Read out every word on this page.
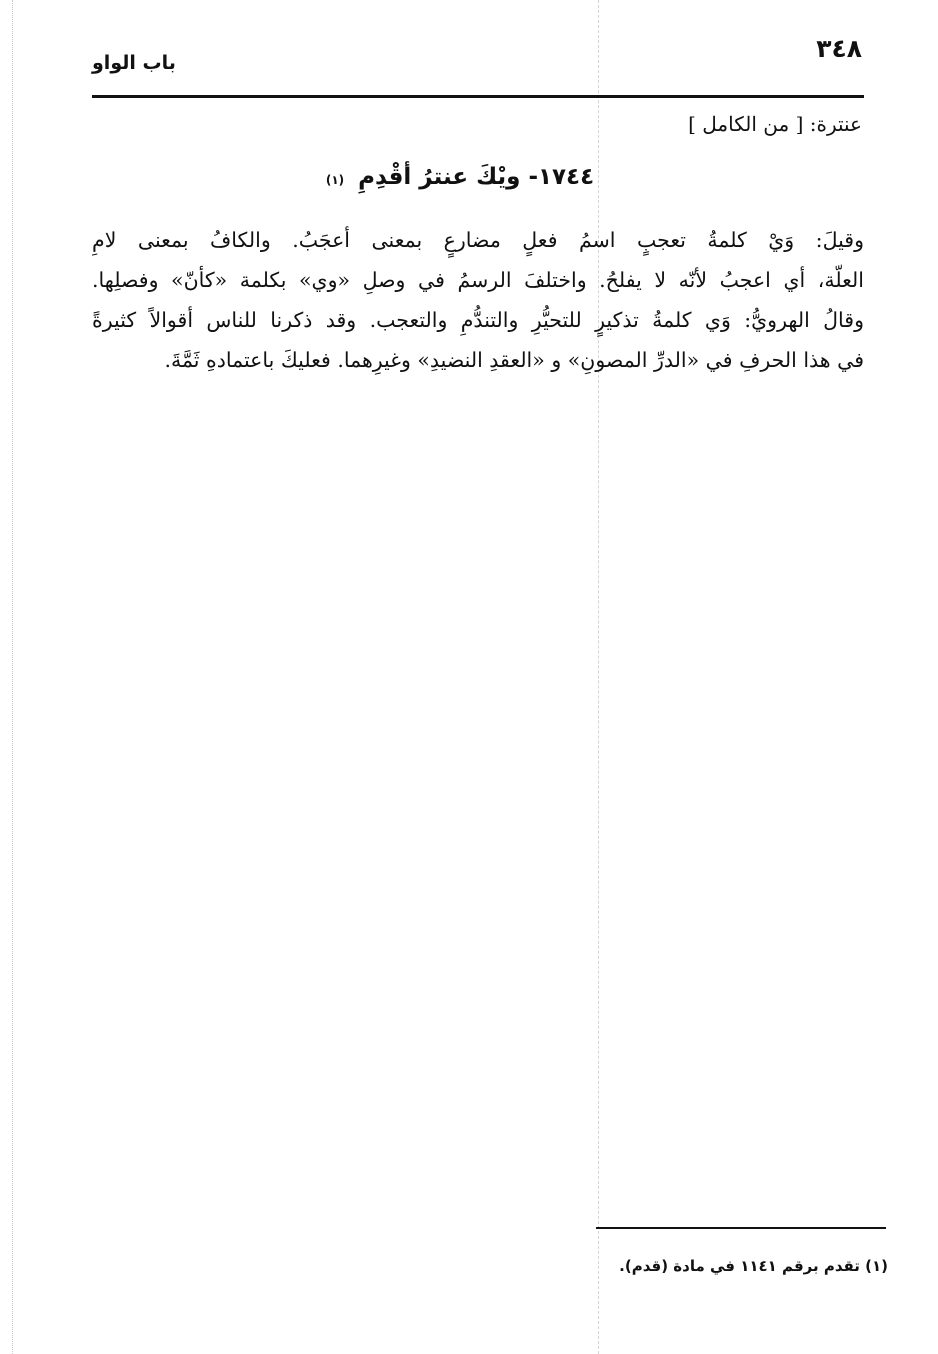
٣٤٨
باب الواو
عنترة: [ من الكامل ]
١٧٤٤- ويْكَ عنترُ أقْدِمِ (١)
وقيلَ: وَيْ كلمةُ تعجبٍ اسمُ فعلٍ مضارعٍ بمعنى أعجَبُ. والكافُ بمعنى لامِ
العلّة، أي اعجبُ لأنّه لا يفلحُ. واختلفَ الرسمُ في وصلِ «وي» بكلمة «كأنّ» وفصلِها.
وقالُ الهرويُّ: وَي كلمةُ تذكيرٍ للتحيُّرِ والتندُّمِ والتعجب. وقد ذكرنا للناس أقوالاً كثيرةً
في هذا الحرفِ في «الدرِّ المصونِ» و «العقدِ النضيدِ» وغيرِهما. فعليكَ باعتمادهِ ثَمَّةَ.
(١) تقدم برقم ١١٤١ في مادة (قدم).
